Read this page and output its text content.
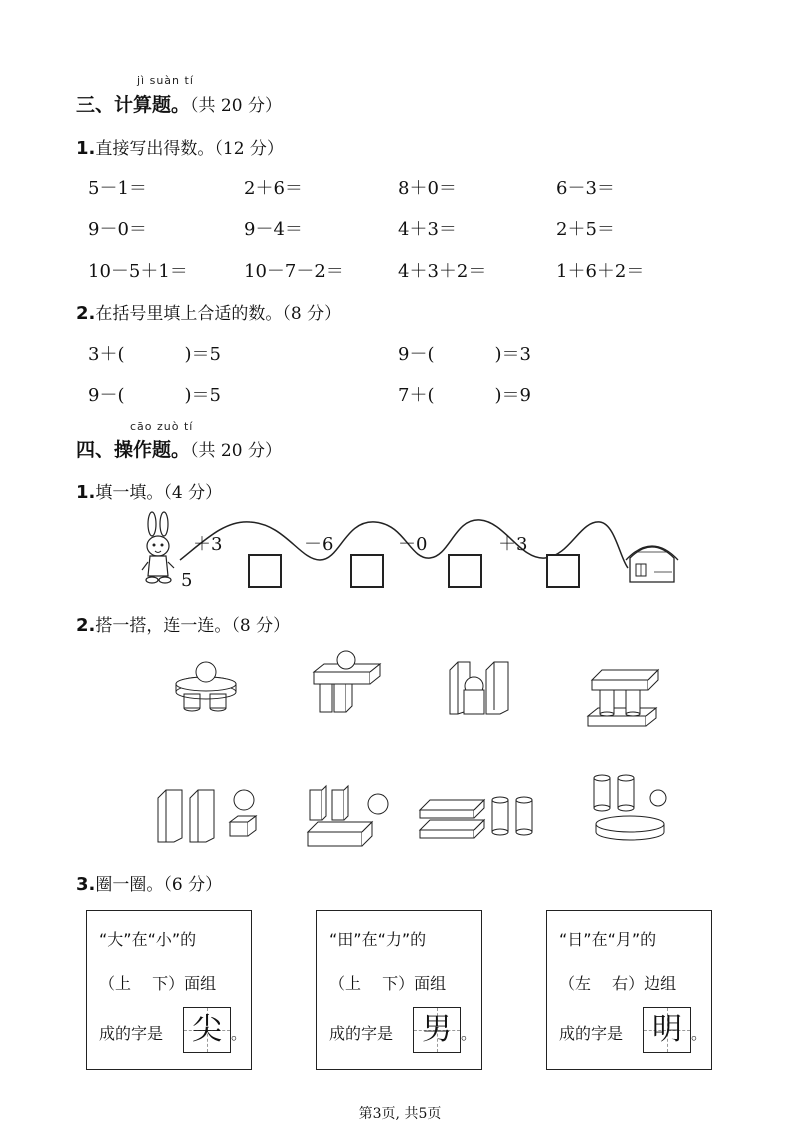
jì suàn tí
三、计算题。（共 20 分）
1.直接写出得数。（12 分）
5－1＝	2＋6＝	8＋0＝	6－3＝
9－0＝	9－4＝	4＋3＝	2＋5＝
10－5＋1＝	10－7－2＝	4＋3＋2＝	1＋6＋2＝
2.在括号里填上合适的数。（8 分）
3＋(	)＝5	9－(	)＝3
9－(	)＝5	7＋(	)＝9
cāo zuò tí
四、操作题。（共 20 分）
1.填一填。（4 分）
5
＋3	－6	－0	＋3
2.搭一搭，连一连。（8 分）
3.圈一圈。（6 分）
“大”在“小”的
（上　 下）面组
成的字是 尖 。
“田”在“力”的
（上　 下）面组
成的字是 男 。
“日”在“月”的
（左　 右）边组
成的字是 明 。
第3页, 共5页
